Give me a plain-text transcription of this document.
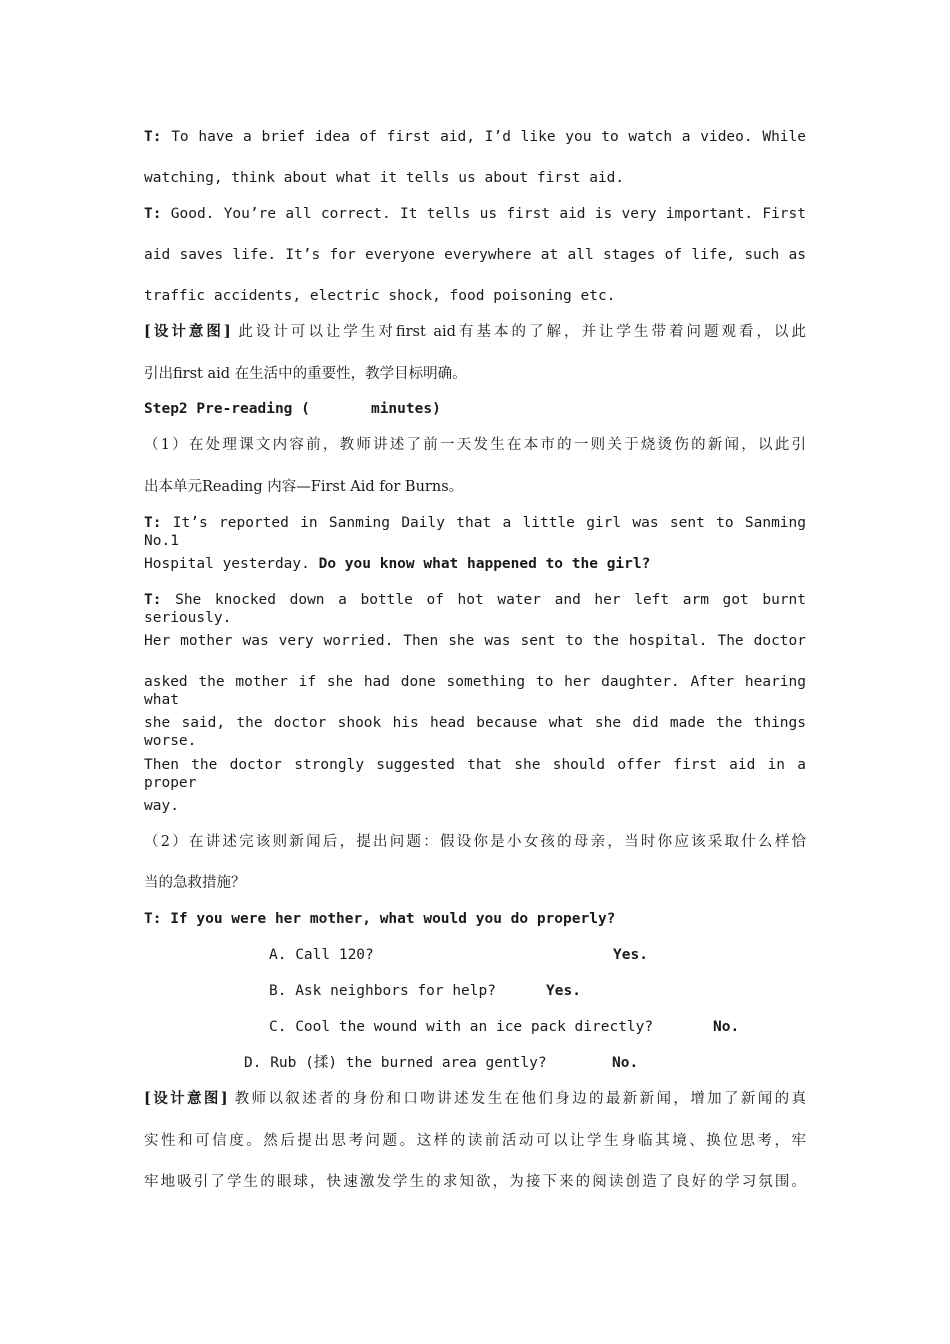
T: To have a brief idea of first aid, I’d like you to watch a video. While
watching, think about what it tells us about first aid.
T: Good. You’re all correct. It tells us first aid is very important. First
aid saves life. It’s for everyone everywhere at all stages of life, such as
traffic accidents, electric shock, food poisoning etc.
[设计意图] 此设计可以让学生对first aid有基本的了解，并让学生带着问题观看，以此
引出first aid 在生活中的重要性，教学目标明确。
Step2 Pre-reading (       minutes)
（1）在处理课文内容前，教师讲述了前一天发生在本市的一则关于烧烫伤的新闻，以此引
出本单元Reading 内容—First Aid for Burns。
T: It’s reported in Sanming Daily that a little girl was sent to Sanming No.1
Hospital yesterday. Do you know what happened to the girl?
T: She knocked down a bottle of hot water and her left arm got burnt seriously.
Her mother was very worried. Then she was sent to the hospital. The doctor
asked the mother if she had done something to her daughter. After hearing what
she said, the doctor shook his head because what she did made the things worse.
Then the doctor strongly suggested that she should offer first aid in a proper
way.
（2）在讲述完该则新闻后，提出问题：假设你是小女孩的母亲，当时你应该采取什么样恰
当的急救措施？
T: If you were her mother, what would you do properly?
A. Call 120?	Yes.
B. Ask neighbors for help?	Yes.
C. Cool the wound with an ice pack directly?	No.
D. Rub (揉) the burned area gently?	No.
[设计意图] 教师以叙述者的身份和口吻讲述发生在他们身边的最新新闻，增加了新闻的真
实性和可信度。然后提出思考问题。这样的读前活动可以让学生身临其境、换位思考，牢
牢地吸引了学生的眼球，快速激发学生的求知欲，为接下来的阅读创造了良好的学习氛围。
